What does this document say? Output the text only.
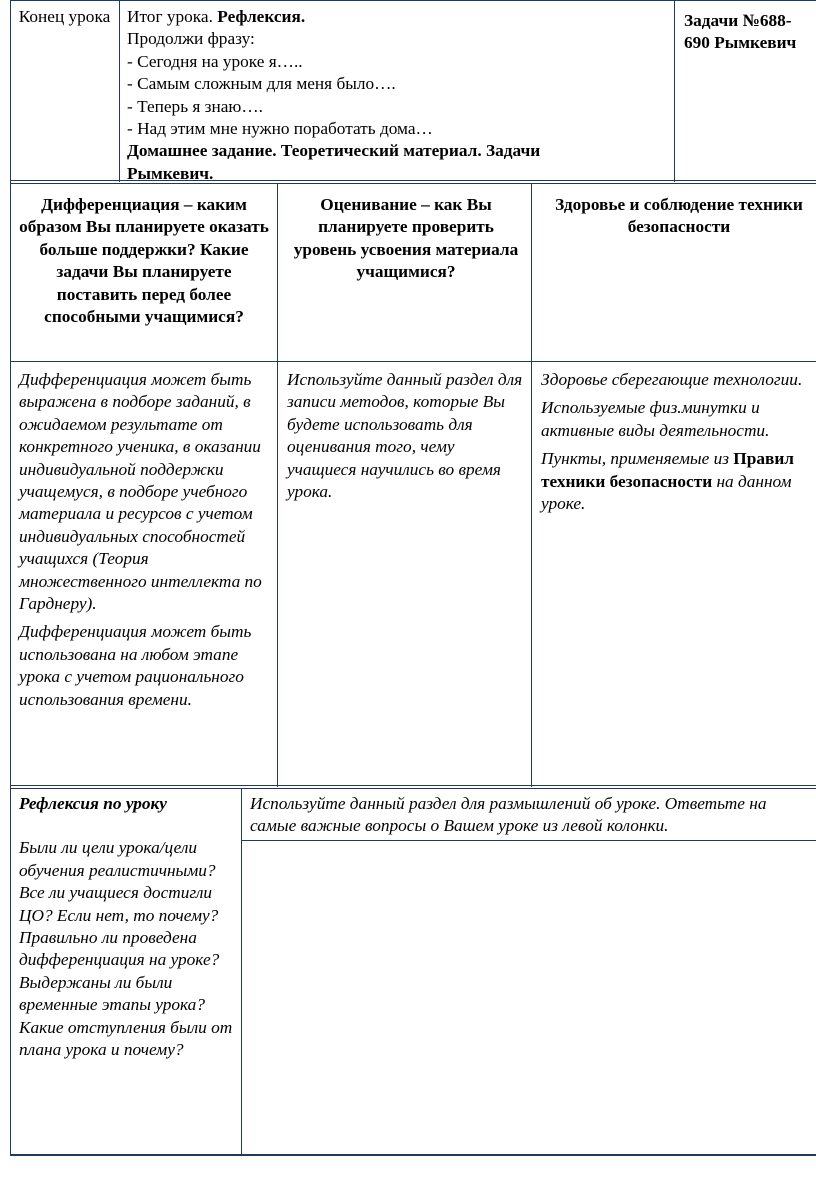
Конец урока Итог урока. Рефлексия.

Продолжи фразу:

- Сегодня на уроке я…..

- Самым сложным для меня было….

- Теперь я знаю….

- Над этим мне нужно поработать дома…

Домашнее задание. Теоретический материал. Задачи Рымкевич.

Задачи №688-690 Рымкевич
Дифференциация – каким образом Вы планируете оказать больше поддержки? Какие задачи Вы планируете поставить перед более способными учащимися?
Оценивание – как Вы планируете проверить уровень усвоения материала учащимися?
Здоровье и соблюдение техники безопасности

Дифференциация может быть выражена в подборе заданий, в ожидаемом результате от конкретного ученика, в оказании индивидуальной поддержки учащемуся, в подборе учебного материала и ресурсов с учетом индивидуальных способностей учащихся (Теория множественного интеллекта по Гарднеру).

Дифференциация может быть использована на любом этапе урока с учетом рационального использования времени.

Используйте данный раздел для записи методов, которые Вы будете использовать для оценивания того, чему учащиеся научились во время урока.

Здоровье сберегающие технологии.

Используемые физ.минутки и активные виды деятельности.

Пункты, применяемые из Правил техники безопасности на данном уроке.

Рефлексия по уроку

Были ли цели урока/цели обучения реалистичными? Все ли учащиеся достигли ЦО? Если нет, то почему? Правильно ли проведена дифференциация на уроке? Выдержаны ли были временные этапы урока? Какие отступления были от плана урока и почему?

Используйте данный раздел для размышлений об уроке. Ответьте на самые важные вопросы о Вашем уроке из левой колонки.
